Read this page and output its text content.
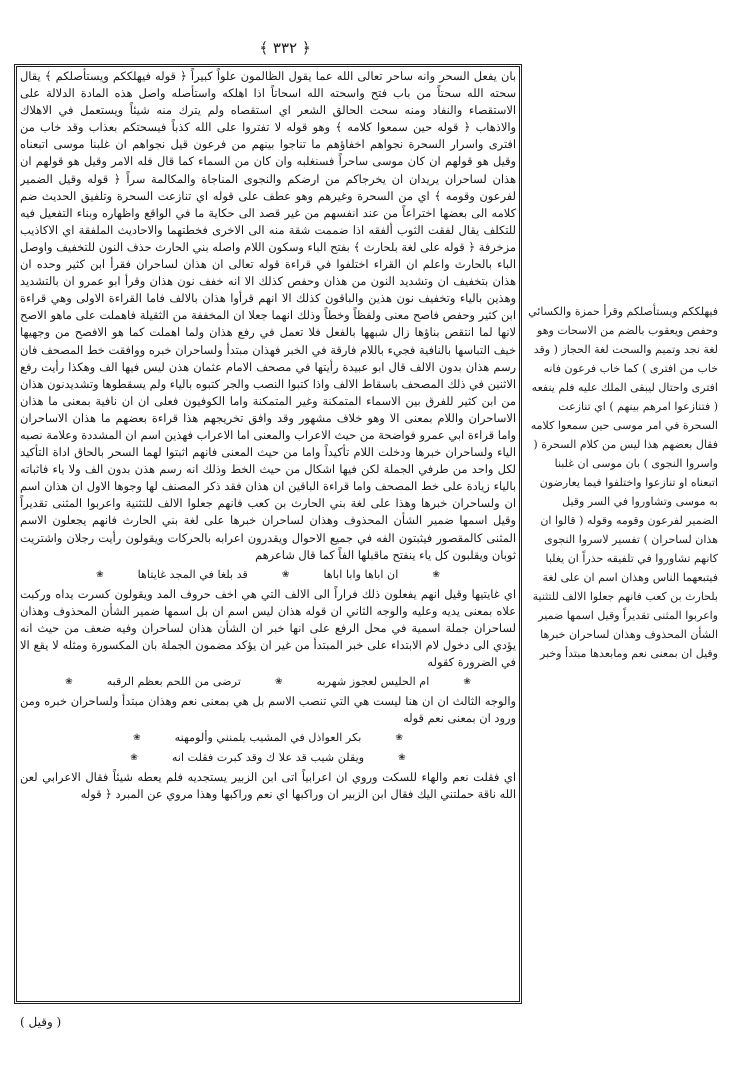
﴿ ٣٣٢ ﴾

بان يفعل السحر وانه ساحر تعالى الله عما يقول الظالمون علواً كبيراً ﴿ قوله فيهلككم ويستأصلكم ﴾ يقال سحته الله سحتاً من باب فتح واسحته الله اسحاتاً اذا اهلكه واستأصله واصل هذه المادة الدلالة على الاستقصاء والنفاد ومنه سحت الحالق الشعر اي استقصاه ولم يترك منه شيئاً ويستعمل في الاهلاك والاذهاب ﴿ قوله حين سمعوا كلامه ﴾ وهو قوله لا تفتروا على الله كذباً فيسحتكم بعذاب وقد خاب من افترى واسرار السحرة نجواهم اخفاؤهم ما تناجوا بينهم من فرعون قيل نجواهم ان غلبنا موسى اتبعناه وقيل هو قولهم ان كان موسى ساحراً فسنغلبه وان كان من السماء كما قال فله الامر وقيل هو قولهم ان هذان لساحران يريدان ان يخرجاكم من ارضكم والنجوى المناجاة والمكالمة سراً ﴿ قوله وقيل الضمير لفرعون وقومه ﴾ اي من السحرة وغيرهم وهو عطف على قوله اي تنازعت السحرة وتلفيق الحديث ضم كلامه الى بعضها اختراعاً من عند انفسهم من غير قصد الى حكاية ما في الواقع واظهاره وبناء التفعيل فيه للتكلف يقال لفقت الثوب ألفقه اذا ضممت شقة منه الى الاخرى فخطتهما والاحاديث الملفقة اي الاكاذيب مزخرفة ﴿ قوله على لغة بلحارث ﴾ بفتح الباء وسكون اللام واصله بني الحارث حذف النون للتخفيف واوصل الباء بالحارث واعلم ان القراء اختلفوا في قراءة قوله تعالى ان هذان لساحران فقرأ ابن كثير وحده ان هذان بتخفيف ان وتشديد النون من هذان وحفص كذلك الا انه خفف نون هذان وقرأ ابو عمرو ان بالتشديد وهذين بالياء وتخفيف نون هذين والباقون كذلك الا انهم قرأوا هذان بالالف فاما القراءة الاولى وهي قراءة ابن كثير وحفص فاصح معنى ولفظاً وخطاً وذلك انهما جعلا ان المخففة من الثقيلة فاهملت على ماهو الاصح لانها لما انتقص بناؤها زال شبهها بالفعل فلا تعمل في رفع هذان ولما اهملت كما هو الافصح من وجهيها خيف التباسها بالنافية فجيء باللام فارقة في الخبر فهذان مبتدأ ولساحران خبره ووافقت خط المصحف فان رسم هذان بدون الالف قال ابو عبيدة رأيتها في مصحف الامام عثمان هذن ليس فيها الف وهكذا رأيت رفع الاثنين في ذلك المصحف باسقاط الالف واذا كتبوا النصب والجر كتبوه بالياء ولم يسقطوها وتشديدنون هذان من ابن كثير للفرق بين الاسماء المتمكنة وغير المتمكنة واما الكوفيون فعلى ان ان نافية بمعنى ما هذان الاساحران واللام بمعنى الا وهو خلاف مشهور وقد وافق تخريجهم هذا قراءة بعضهم ما هذان الاساحران واما قراءة ابي عمرو فواضحة من حيث الاعراب والمعنى اما الاعراب فهذين اسم ان المشددة وعلامة نصبه الياء ولساحران خبرها ودخلت اللام تأكيداً واما من حيث المعنى فانهم اثبتوا لهما السحر بالحاق اداة التأكيد لكل واحد من طرفي الجملة لكن فيها اشكال من حيث الخط وذلك انه رسم هذن بدون الف ولا ياء فاثباته بالياء زيادة على خط المصحف واما قراءة الباقين ان هذان فقد ذكر المصنف لها وجوها الاول ان هذان اسم ان ولساحران خبرها وهذا على لغة بني الحارث بن كعب فانهم جعلوا الالف للتثنية واعربوا المثنى تقديراً وقيل اسمها ضمير الشأن المحذوف وهذان لساحران خبرها على لغة بني الحارث فانهم يجعلون الاسم المثنى كالمقصور فيثبتون الفه في جميع الاحوال ويقدرون اعرابه بالحركات ويقولون رأيت رجلان واشتريت ثوبان ويقلبون كل ياء ينفتح ماقبلها الفاً كما قال شاعرهم

❀
ان اباها وابا اباها
❀
قد بلغا في المجد غايتاها
❀

اي غايتيها وقيل انهم يفعلون ذلك فراراً الى الالف التي هي اخف حروف المد ويقولون كسرت يداه وركبت علاه بمعنى يديه وعليه والوجه الثاني ان قوله هذان ليس اسم ان بل اسمها ضمير الشأن المحذوف وهذان لساحران جملة اسمية في محل الرفع على انها خبر ان الشأن هذان لساحران وفيه ضعف من حيث انه يؤدي الى دخول لام الابتداء على خبر المبتدأ من غير ان يؤكد مضمون الجملة بان المكسورة ومثله لا يقع الا في الضرورة كقوله

❀
ام الحليس لعجوز شهربه
❀
ترضى من اللحم بعظم الرقبه
❀

والوجه الثالث ان ان هنا ليست هي التي تنصب الاسم بل هي بمعنى نعم وهذان مبتدأ ولساحران خبره ومن ورود ان بمعنى نعم قوله

❀
بكر العواذل في المشيب يلمنني وألومهنه
❀
❀
ويقلن شيب قد علا ك وقد كبرت فقلت انه
❀

اي فقلت نعم والهاء للسكت وروي ان اعرابياً اتى ابن الزبير يستجديه فلم يعطه شيئاً فقال الاعرابي لعن الله ناقة حملتني اليك فقال ابن الزبير ان وراكبها اي نعم وراكبها وهذا مروي عن المبرد ﴿ قوله

فيهلككم ويستأصلكم وقرأ حمزة والكسائي وحفص ويعقوب بالضم من الاسحات وهو لغة نجد وتميم والسحت لغة الحجاز ( وقد خاب من افترى ) كما خاب فرعون فانه افترى واحتال ليبقى الملك عليه فلم ينفعه ( فتنازعوا امرهم بينهم ) اي تنازعت السحرة في امر موسى حين سمعوا كلامه فقال بعضهم هذا ليس من كلام السحرة ( واسروا النجوى ) بان موسى ان غلبنا اتبعناه او تنازعوا واختلفوا فيما يعارضون به موسى وتشاوروا في السر وقيل الضمير لفرعون وقومه وقوله ( قالوا ان هذان لساحران ) تفسير لاسروا النجوى كانهم تشاوروا في تلفيقه حذراً ان يغلبا فيتبعهما الناس وهذان اسم ان على لغة بلحارث بن كعب فانهم جعلوا الالف للتثنية واعربوا المثنى تقديراً وقيل اسمها ضمير الشأن المحذوف وهذان لساحران خبرها وقيل ان بمعنى نعم ومابعدها مبتدأ وخبر
( وقيل )
